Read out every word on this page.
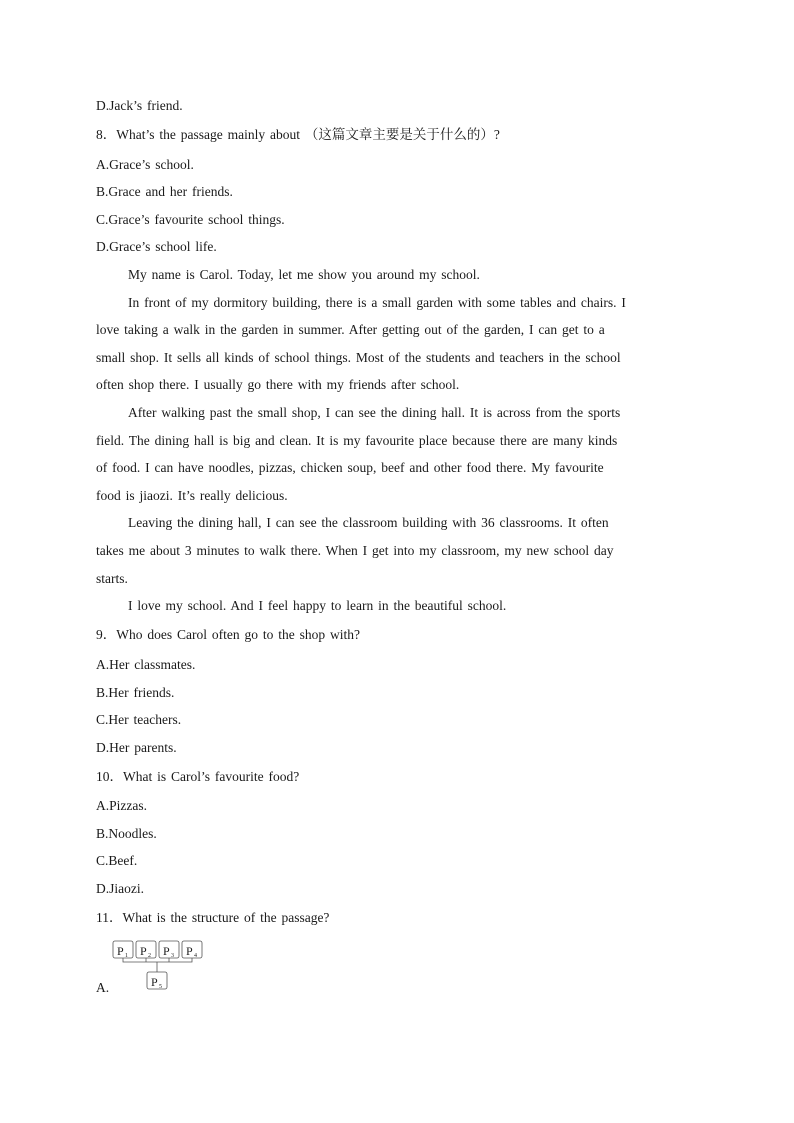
D.Jack’s friend.
8．What’s the passage mainly about （这篇文章主要是关于什么的）?
A.Grace’s school.
B.Grace and her friends.
C.Grace’s favourite school things.
D.Grace’s school life.
My name is Carol. Today, let me show you around my school.
In front of my dormitory building, there is a small garden with some tables and chairs. I
love taking a walk in the garden in summer. After getting out of the garden, I can get to a
small shop. It sells all kinds of school things. Most of the students and teachers in the school
often shop there. I usually go there with my friends after school.
After walking past the small shop, I can see the dining hall. It is across from the sports
field. The dining hall is big and clean. It is my favourite place because there are many kinds
of food. I can have noodles, pizzas, chicken soup, beef and other food there. My favourite
food is jiaozi. It’s really delicious.
Leaving the dining hall, I can see the classroom building with 36 classrooms. It often
takes me about 3 minutes to walk there. When I get into my classroom, my new school day
starts.
I love my school. And I feel happy to learn in the beautiful school.
9．Who does Carol often go to the shop with?
A.Her classmates.
B.Her friends.
C.Her teachers.
D.Her parents.
10．What is Carol’s favourite food?
A.Pizzas.
B.Noodles.
C.Beef.
D.Jiaozi.
11．What is the structure of the passage?
A.
P 1 P 2 P 3 P 4
P 5
